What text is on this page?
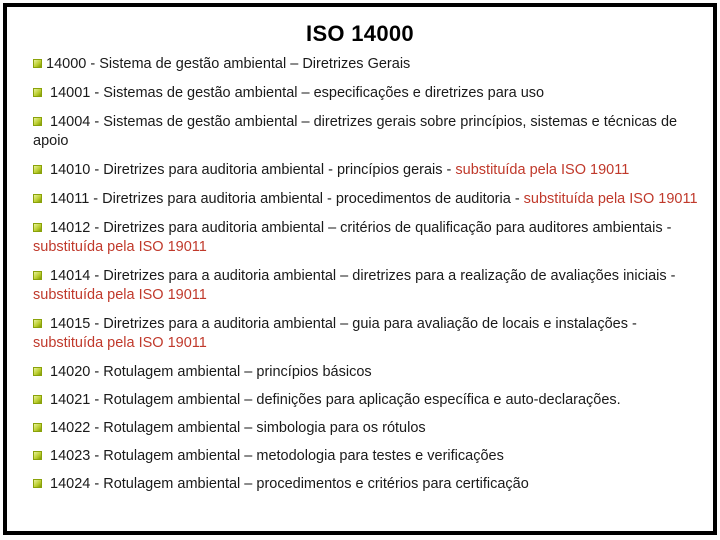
ISO 14000
14000 - Sistema de gestão ambiental – Diretrizes Gerais
14001 - Sistemas de gestão ambiental – especificações e diretrizes para uso
14004 - Sistemas de gestão ambiental – diretrizes gerais sobre princípios, sistemas e técnicas de apoio
14010 - Diretrizes para auditoria ambiental - princípios gerais - substituída pela ISO 19011
14011 - Diretrizes para auditoria ambiental - procedimentos de auditoria - substituída pela ISO 19011
14012 - Diretrizes para auditoria ambiental – critérios de qualificação para auditores ambientais - substituída pela ISO 19011
14014 - Diretrizes para a auditoria ambiental – diretrizes para a realização de avaliações iniciais - substituída pela ISO 19011
14015 - Diretrizes para a auditoria ambiental – guia para avaliação de locais e instalações - substituída pela ISO 19011
14020 - Rotulagem ambiental – princípios básicos
14021 - Rotulagem ambiental – definições para aplicação específica e auto-declarações.
14022 - Rotulagem ambiental – simbologia para os rótulos
14023 - Rotulagem ambiental – metodologia para testes e verificações
14024 - Rotulagem ambiental – procedimentos e critérios para certificação
